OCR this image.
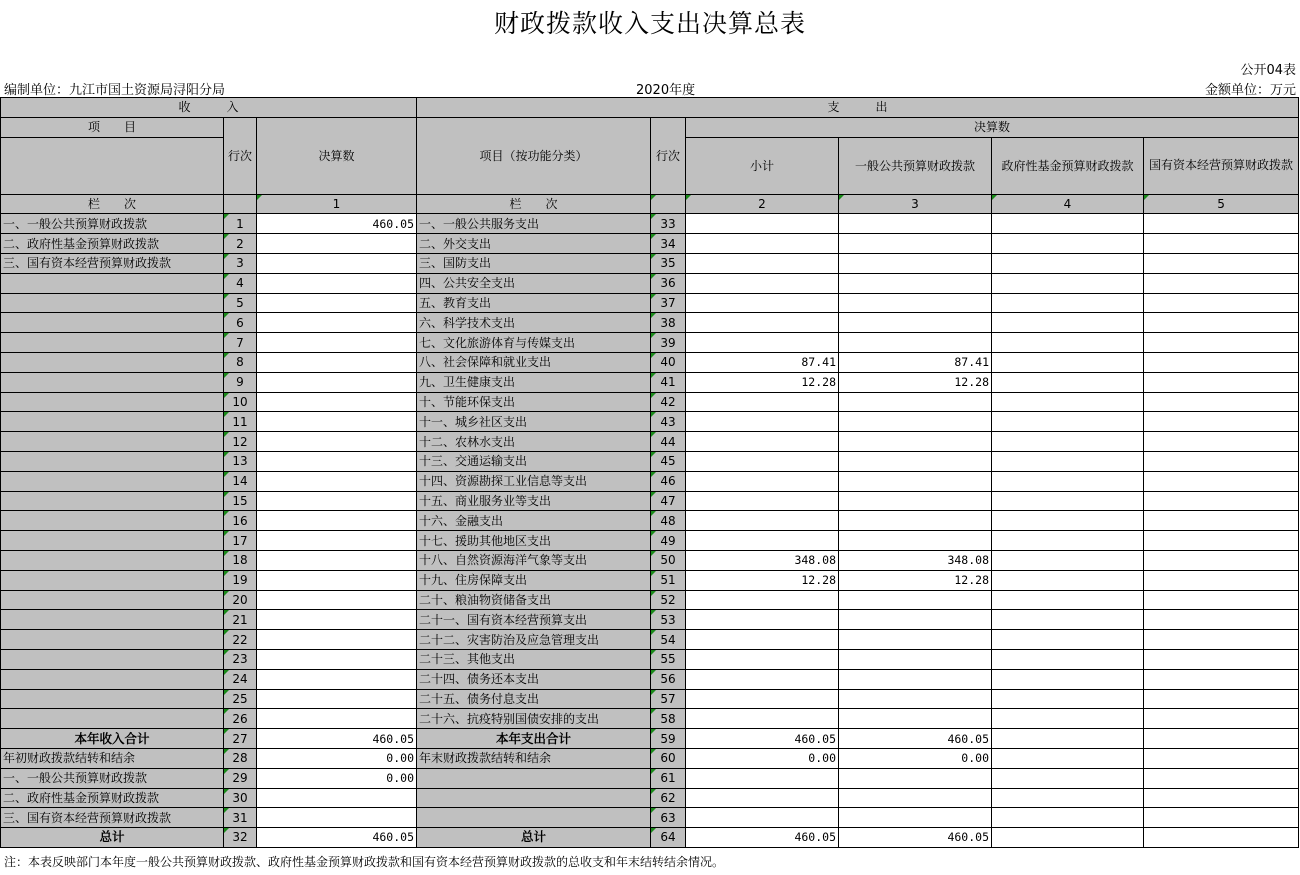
财政拨款收入支出决算总表
公开04表
编制单位：九江市国土资源局浔阳分局	2020年度	金额单位：万元
收　　　入			支　　　出					
项　　目	行次	决算数	项目（按功能分类）	行次	决算数			
					小计	一般公共预算财政拨款	政府性基金预算财政拨款	国有资本经营预算财政拨款
栏　　次		1	栏　　次		2	3	4	5
一、一般公共预算财政拨款	1	460.05	一、一般公共服务支出	33				
二、政府性基金预算财政拨款	2		二、外交支出	34				
三、国有资本经营预算财政拨款	3		三、国防支出	35				
	4		四、公共安全支出	36				
	5		五、教育支出	37				
	6		六、科学技术支出	38				
	7		七、文化旅游体育与传媒支出	39				
	8		八、社会保障和就业支出	40	87.41	87.41		
	9		九、卫生健康支出	41	12.28	12.28		
	10		十、节能环保支出	42				
	11		十一、城乡社区支出	43				
	12		十二、农林水支出	44				
	13		十三、交通运输支出	45				
	14		十四、资源勘探工业信息等支出	46				
	15		十五、商业服务业等支出	47				
	16		十六、金融支出	48				
	17		十七、援助其他地区支出	49				
	18		十八、自然资源海洋气象等支出	50	348.08	348.08		
	19		十九、住房保障支出	51	12.28	12.28		
	20		二十、粮油物资储备支出	52				
	21		二十一、国有资本经营预算支出	53				
	22		二十二、灾害防治及应急管理支出	54				
	23		二十三、其他支出	55				
	24		二十四、债务还本支出	56				
	25		二十五、债务付息支出	57				
	26		二十六、抗疫特别国债安排的支出	58				
本年收入合计	27	460.05	本年支出合计	59	460.05	460.05		
年初财政拨款结转和结余	28	0.00	年末财政拨款结转和结余	60	0.00	0.00		
一、一般公共预算财政拨款	29	0.00		61				
二、政府性基金预算财政拨款	30			62				
三、国有资本经营预算财政拨款	31			63				
总计	32	460.05	总计	64	460.05	460.05		
注：本表反映部门本年度一般公共预算财政拨款、政府性基金预算财政拨款和国有资本经营预算财政拨款的总收支和年末结转结余情况。
